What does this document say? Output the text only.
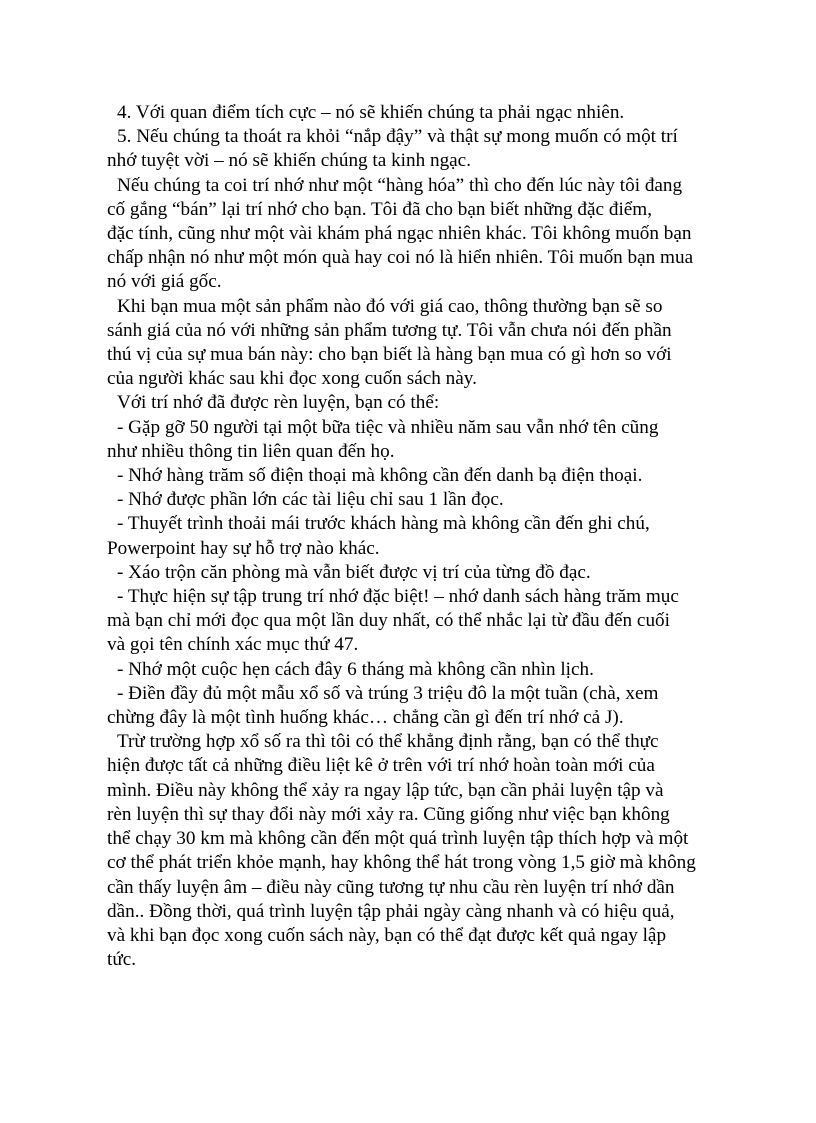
4. Với quan điểm tích cực – nó sẽ khiến chúng ta phải ngạc nhiên.

5. Nếu chúng ta thoát ra khỏi “nắp đậy” và thật sự mong muốn có một trí
nhớ tuyệt vời – nó sẽ khiến chúng ta kinh ngạc.

Nếu chúng ta coi trí nhớ như một “hàng hóa” thì cho đến lúc này tôi đang
cố gắng “bán” lại trí nhớ cho bạn. Tôi đã cho bạn biết những đặc điểm,
đặc tính, cũng như một vài khám phá ngạc nhiên khác. Tôi không muốn bạn
chấp nhận nó như một món quà hay coi nó là hiển nhiên. Tôi muốn bạn mua
nó với giá gốc.

Khi bạn mua một sản phẩm nào đó với giá cao, thông thường bạn sẽ so
sánh giá của nó với những sản phẩm tương tự. Tôi vẫn chưa nói đến phần
thú vị của sự mua bán này: cho bạn biết là hàng bạn mua có gì hơn so với
của người khác sau khi đọc xong cuốn sách này.

Với trí nhớ đã được rèn luyện, bạn có thể:

- Gặp gỡ 50 người tại một bữa tiệc và nhiều năm sau vẫn nhớ tên cũng
như nhiều thông tin liên quan đến họ.

- Nhớ hàng trăm số điện thoại mà không cần đến danh bạ điện thoại.

- Nhớ được phần lớn các tài liệu chỉ sau 1 lần đọc.

- Thuyết trình thoải mái trước khách hàng mà không cần đến ghi chú,
Powerpoint hay sự hỗ trợ nào khác.

- Xáo trộn căn phòng mà vẫn biết được vị trí của từng đồ đạc.

- Thực hiện sự tập trung trí nhớ đặc biệt! – nhớ danh sách hàng trăm mục
mà bạn chỉ mới đọc qua một lần duy nhất, có thể nhắc lại từ đầu đến cuối
và gọi tên chính xác mục thứ 47.

- Nhớ một cuộc hẹn cách đây 6 tháng mà không cần nhìn lịch.

- Điền đầy đủ một mẫu xổ số và trúng 3 triệu đô la một tuần (chà, xem
chừng đây là một tình huống khác… chẳng cần gì đến trí nhớ cả J).

Trừ trường hợp xổ số ra thì tôi có thể khẳng định rằng, bạn có thể thực
hiện được tất cả những điều liệt kê ở trên với trí nhớ hoàn toàn mới của
mình. Điều này không thể xảy ra ngay lập tức, bạn cần phải luyện tập và
rèn luyện thì sự thay đổi này mới xảy ra. Cũng giống như việc bạn không
thể chạy 30 km mà không cần đến một quá trình luyện tập thích hợp và một
cơ thể phát triển khỏe mạnh, hay không thể hát trong vòng 1,5 giờ mà không
cần thấy luyện âm – điều này cũng tương tự nhu cầu rèn luyện trí nhớ dần
dần.. Đồng thời, quá trình luyện tập phải ngày càng nhanh và có hiệu quả,
và khi bạn đọc xong cuốn sách này, bạn có thể đạt được kết quả ngay lập
tức.
